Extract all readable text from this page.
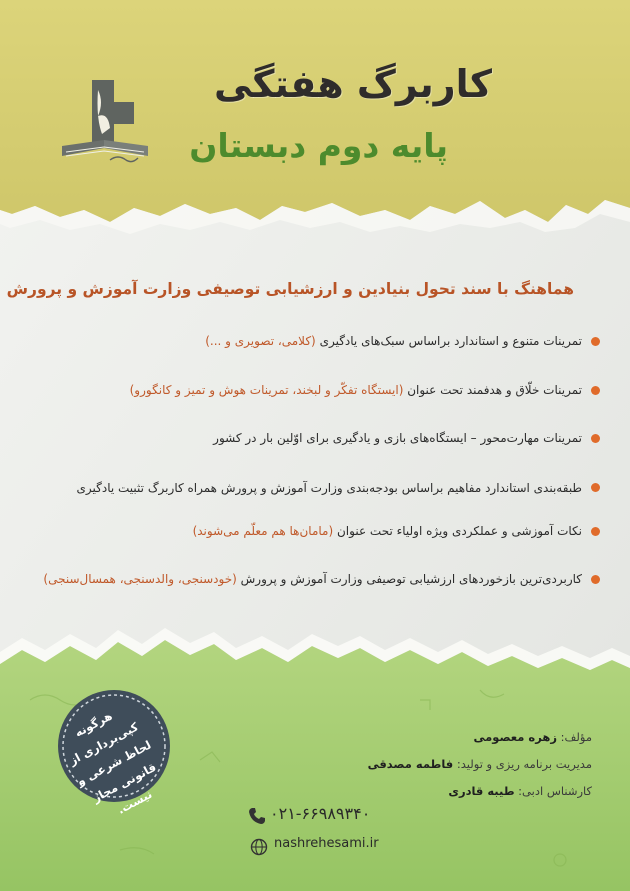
کاربرگ هفتگی
پایه دوم دبستان
هماهنگ با سند تحول بنیادین و ارزشیابی توصیفی وزارت آموزش و پرورش
تمرینات متنوع و استاندارد براساس سبک‌های یادگیری (کلامی، تصویری و ...)
تمرینات خلّاق و هدفمند تحت عنوان (ایستگاه تفکّر و لبخند، تمرینات هوش و تمیز و کانگورو)
تمرینات مهارت‌محور – ایستگاه‌های بازی و یادگیری برای اوّلین بار در کشور
طبقه‌بندی استاندارد مفاهیم براساس بودجه‌بندی وزارت آموزش و پرورش همراه کاربرگ تثبیت یادگیری
نکات آموزشی و عملکردی ویژه اولیاء تحت عنوان (مامان‌ها هم معلّم می‌شوند)
کاربردی‌ترین بازخوردهای ارزشیابی توصیفی وزارت آموزش و پرورش (خودسنجی، والدسنجی، همسال‌سنجی)
مؤلف: زهره معصومی
مدیریت برنامه ریزی و تولید: فاطمه مصدقی
کارشناس ادبی: طیبه قادری
۰۲۱-۶۶۹۸۹۳۴۰
nashrehesami.ir
هرگونه کپی‌برداری از لحاظ شرعی و قانونی مجاز نیست.
